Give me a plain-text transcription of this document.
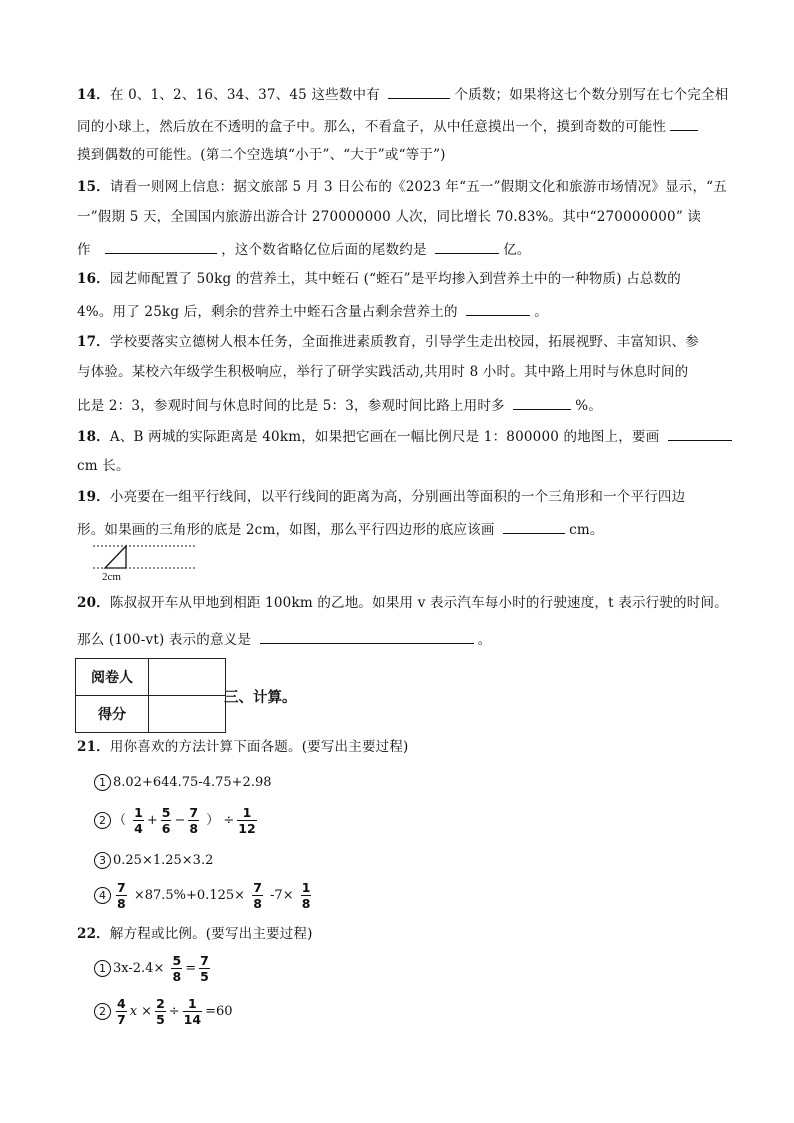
14．在 0、1、2、16、34、37、45 这些数中有	个质数；如果将这七个数分别写在七个完全相
同的小球上，然后放在不透明的盒子中。那么，不看盒子，从中任意摸出一个，摸到奇数的可能性
摸到偶数的可能性。(第二个空选填“小于”、“大于”或“等于”)
15．请看一则网上信息：据文旅部 5 月 3 日公布的《2023 年“五一”假期文化和旅游市场情况》显示，“五
一”假期 5 天，全国国内旅游出游合计 270000000 人次，同比增长 70.83%。其中“270000000” 读
作	，这个数省略亿位后面的尾数约是	亿。
16．园艺师配置了 50kg 的营养土，其中蛭石 (“蛭石”是平均掺入到营养土中的一种物质) 占总数的
4%。用了 25kg 后，剩余的营养土中蛭石含量占剩余营养土的	。
17．学校要落实立德树人根本任务，全面推进素质教育，引导学生走出校园，拓展视野、丰富知识、参
与体验。某校六年级学生积极响应，举行了研学实践活动,共用时 8 小时。其中路上用时与休息时间的
比是 2：3，参观时间与休息时间的比是 5：3，参观时间比路上用时多	%。
18．A、B 两城的实际距离是 40km，如果把它画在一幅比例尺是 1：800000 的地图上，要画
cm 长。
19．小亮要在一组平行线间，以平行线间的距离为高，分别画出等面积的一个三角形和一个平行四边
形。如果画的三角形的底是 2cm，如图，那么平行四边形的底应该画	cm。
2cm
20．陈叔叔开车从甲地到相距 100km 的乙地。如果用 v 表示汽车每小时的行驶速度，t 表示行驶的时间。
那么 (100-vt) 表示的意义是	。
阅卷人	
得分	
三、计算。
21．用你喜欢的方法计算下面各题。(要写出主要过程)
1 8.02+644.75-4.75+2.98
2 （ $\frac{1}{4} + \frac{5}{6} - \frac{7}{8}$ ） ÷ $\frac{1}{12}$
3 0.25×1.25×3.2
$4 \frac{7}{8} \times 87.5\%+0.125\times \frac{7}{8} -7\times \frac{1}{8}$
22．解方程或比例。(要写出主要过程)
1 $3x-2.4\times \frac{5}{8} = \frac{7}{5}$
$2 \frac{4}{7}$ $x \times \frac{2}{5} \div \frac{1}{14} =60$
